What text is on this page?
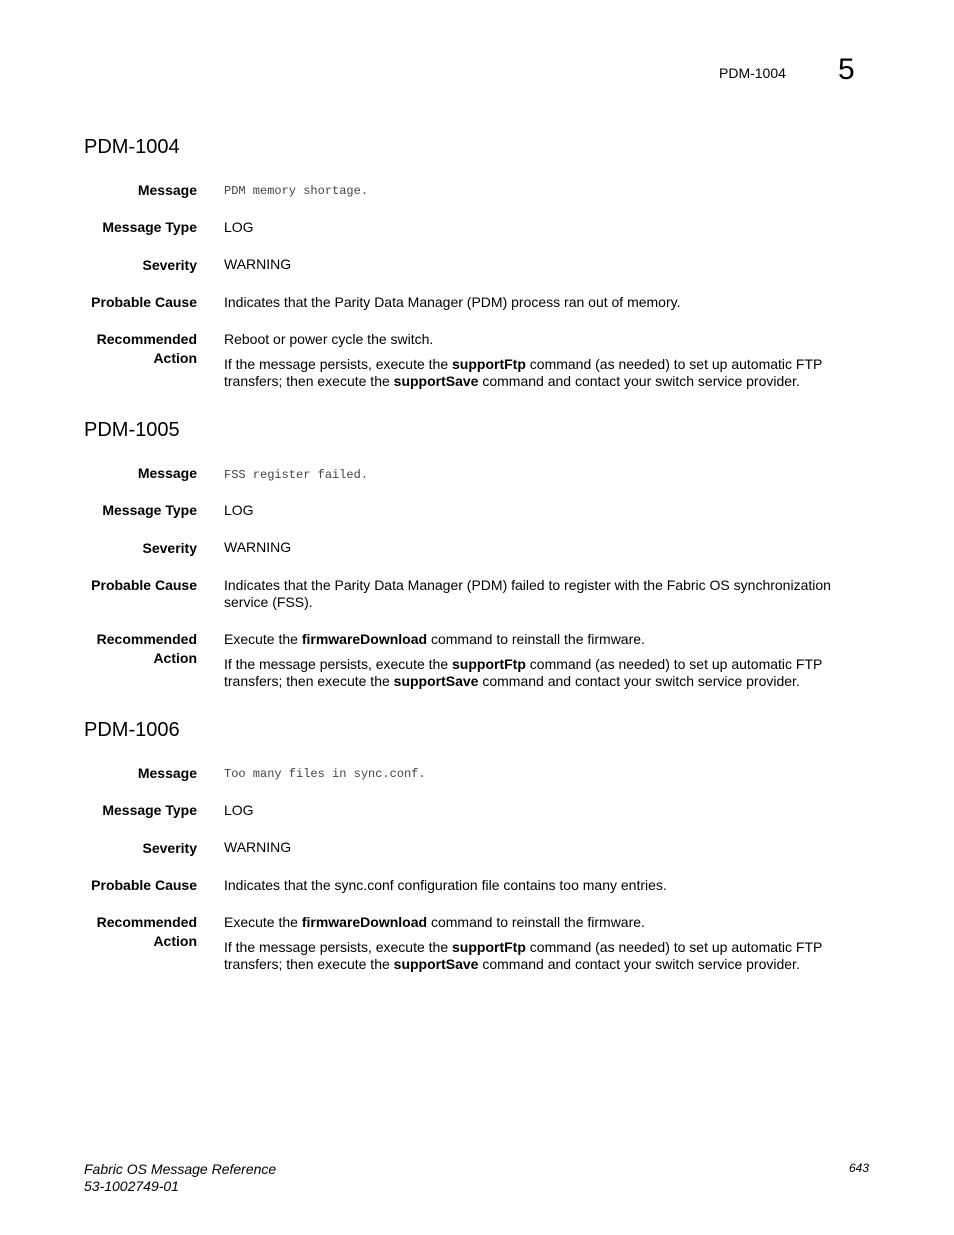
PDM-1004 5
PDM-1004
Message PDM memory shortage.
Message Type LOG
Severity WARNING
Probable Cause Indicates that the Parity Data Manager (PDM) process ran out of memory.
Recommended
Action
Reboot or power cycle the switch.
If the message persists, execute the supportFtp command (as needed) to set up automatic FTP transfers; then execute the supportSave command and contact your switch service provider.
PDM-1005
Message FSS register failed.
Message Type LOG
Severity WARNING
Probable Cause Indicates that the Parity Data Manager (PDM) failed to register with the Fabric OS synchronization service (FSS).
Recommended
Action
Execute the firmwareDownload command to reinstall the firmware.
If the message persists, execute the supportFtp command (as needed) to set up automatic FTP transfers; then execute the supportSave command and contact your switch service provider.
PDM-1006
Message Too many files in sync.conf.
Message Type LOG
Severity WARNING
Probable Cause Indicates that the sync.conf configuration file contains too many entries.
Recommended
Action
Execute the firmwareDownload command to reinstall the firmware.
If the message persists, execute the supportFtp command (as needed) to set up automatic FTP transfers; then execute the supportSave command and contact your switch service provider.
Fabric OS Message Reference
53-1002749-01
643
